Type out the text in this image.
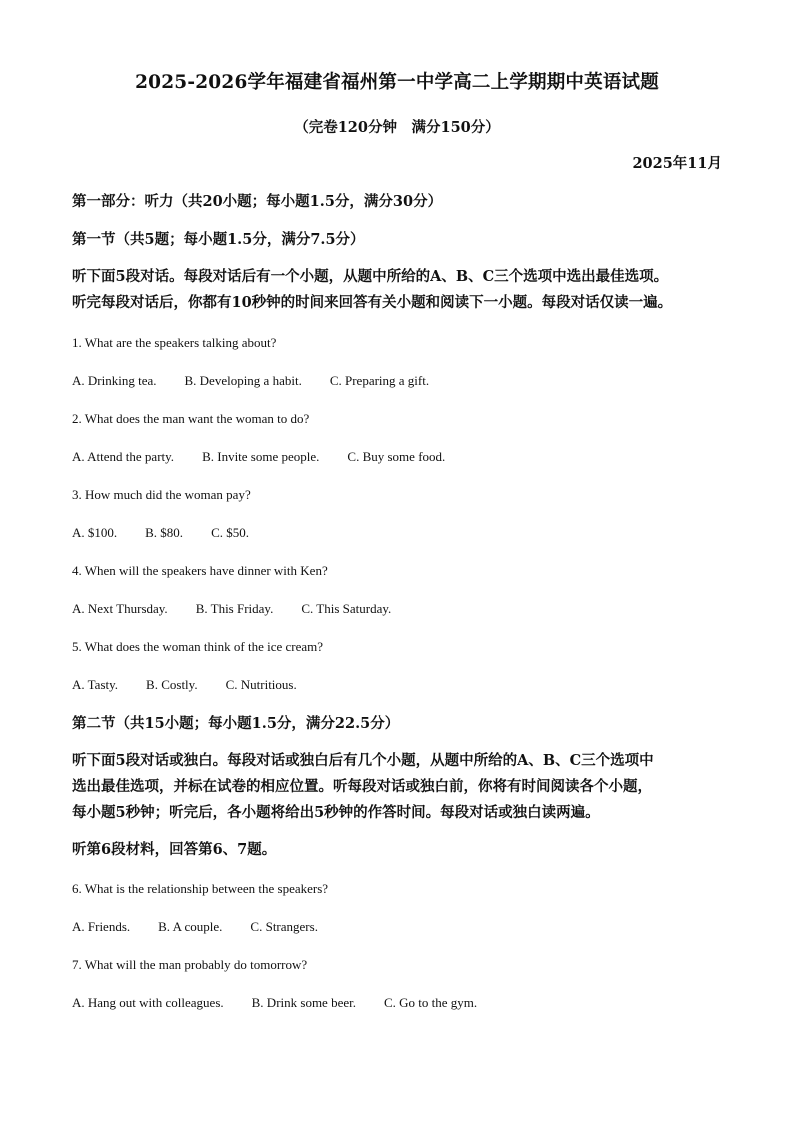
2025-2026学年福建省福州第一中学高二上学期期中英语试题
（完卷120分钟　满分150分）
2025年11月
第一部分：听力（共20小题；每小题1.5分，满分30分）
第一节（共5题；每小题1.5分，满分7.5分）
听下面5段对话。每段对话后有一个小题，从题中所给的A、B、C三个选项中选出最佳选项。
听完每段对话后，你都有10秒钟的时间来回答有关小题和阅读下一小题。每段对话仅读一遍。
1. What are the speakers talking about?
A. Drinking tea. B. Developing a habit. C. Preparing a gift.
2. What does the man want the woman to do?
A. Attend the party. B. Invite some people. C. Buy some food.
3. How much did the woman pay?
A. $100. B. $80. C. $50.
4. When will the speakers have dinner with Ken?
A. Next Thursday. B. This Friday. C. This Saturday.
5. What does the woman think of the ice cream?
A. Tasty. B. Costly. C. Nutritious.
第二节（共15小题；每小题1.5分，满分22.5分）
听下面5段对话或独白。每段对话或独白后有几个小题，从题中所给的A、B、C三个选项中
选出最佳选项，并标在试卷的相应位置。听每段对话或独白前，你将有时间阅读各个小题，
每小题5秒钟；听完后，各小题将给出5秒钟的作答时间。每段对话或独白读两遍。
听第6段材料，回答第6、7题。
6. What is the relationship between the speakers?
A. Friends. B. A couple. C. Strangers.
7. What will the man probably do tomorrow?
A. Hang out with colleagues. B. Drink some beer. C. Go to the gym.
